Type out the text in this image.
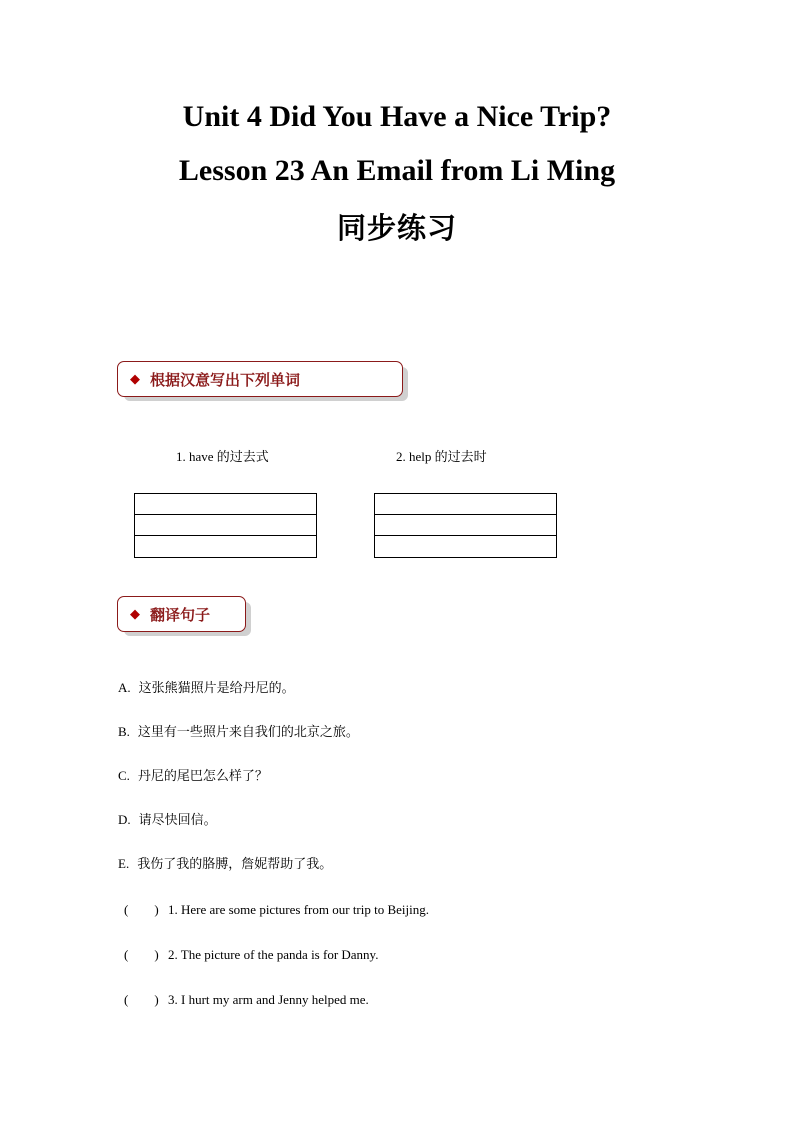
Unit 4 Did You Have a Nice Trip?
Lesson 23 An Email from Li Ming
同步练习
◆ 根据汉意写出下列单词
1. have 的过去式	2. help 的过去时
◆ 翻译句子
A. 这张熊猫照片是给丹尼的。
B. 这里有一些照片来自我们的北京之旅。
C. 丹尼的尾巴怎么样了？
D. 请尽快回信。
E. 我伤了我的胳膊，詹妮帮助了我。
(　　) 1. Here are some pictures from our trip to Beijing.
(　　) 2. The picture of the panda is for Danny.
(　　) 3. I hurt my arm and Jenny helped me.
